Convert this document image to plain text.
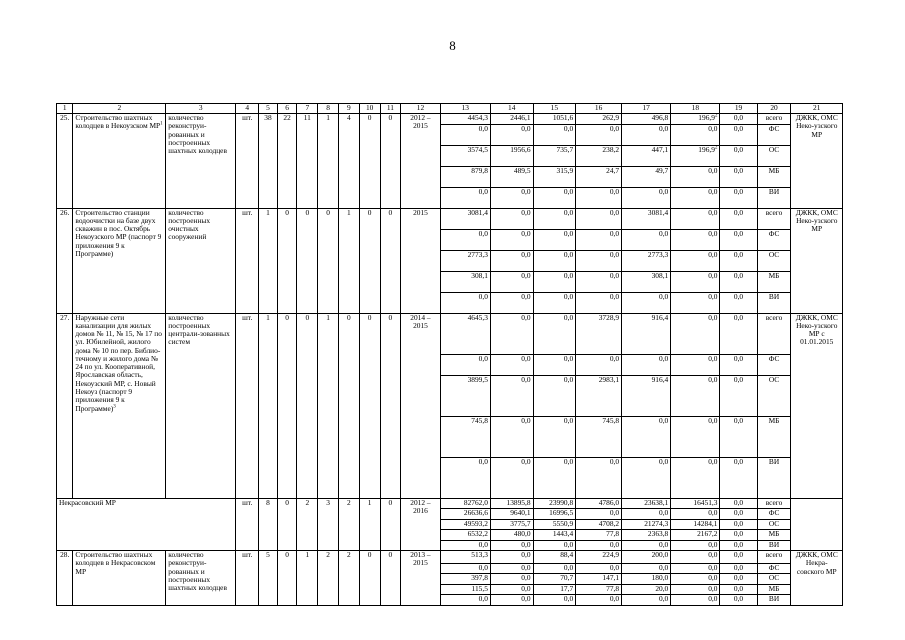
8
1	2	3	4	5	6	7	8	9	10	11	12	13	14	15	16	17	18	19	20	21
25.	Строительство шахтных колодцев в Некоузском $МР^1$	количество реконструи-рованных и построенных шахтных колодцев	шт.	38	22	11	1	4	0	0	2012 – 2015	4454,3	2446,1	1051,6	262,9	496,8	196,9$^2$	0,0	всего	ДЖКК, ОМС Неко-узского МР
												0,0	0,0	0,0	0,0	0,0	0,0	0,0	ФС	
												3574,5	1956,6	735,7	238,2	447,1	196,9$^2$	0,0	ОС	
												879,8	489,5	315,9	24,7	49,7	0,0	0,0	МБ	
												0,0	0,0	0,0	0,0	0,0	0,0	0,0	ВИ	
26.	Строительство станции водоочистки на базе двух скважин в пос. Октябрь Некоузского МР (паспорт 9 приложения 9 к Программе)	количество построенных очистных сооружений	шт.	1	0	0	0	1	0	0	2015	3081,4	0,0	0,0	0,0	3081,4	0,0	0,0	всего	ДЖКК, ОМС Неко-узского МР
												0,0	0,0	0,0	0,0	0,0	0,0	0,0	ФС	
												2773,3	0,0	0,0	0,0	2773,3	0,0	0,0	ОС	
												308,1	0,0	0,0	0,0	308,1	0,0	0,0	МБ	
												0,0	0,0	0,0	0,0	0,0	0,0	0,0	ВИ	
27.	Наружные сети канализации для жилых домов № 11, № 15, № 17 по ул. Юбилейной, жилого дома № 10 по пер. Библио-течному и жилого дома № 24 по ул. Кооперативной, Ярославская область, Некоузский МР, с. Новый Некоуз (паспорт 9 приложения 9 к Программе)$^3$	количество построенных централи-зованных систем	шт.	1	0	0	1	0	0	0	2014 – 2015	4645,3	0,0	0,0	3728,9	916,4	0,0	0,0	всего	ДЖКК, ОМС Неко-узского МР с 01.01.2015
												0,0	0,0	0,0	0,0	0,0	0,0	0,0	ФС	
												3899,5	0,0	0,0	2983,1	916,4	0,0	0,0	ОС	
												745,8	0,0	0,0	745,8	0,0	0,0	0,0	МБ	
												0,0	0,0	0,0	0,0	0,0	0,0	0,0	ВИ	
Некрасовский МР			шт.	8	0	2	3	2	1	0	2012 – 2016	82762,0	13895,8	23990,8	4786,0	23638,1	16451,3	0,0	всего	
												26636,6	9640,1	16996,5	0,0	0,0	0,0	0,0	ФС	
												49593,2	3775,7	5550,9	4708,2	21274,3	14284,1	0,0	ОС	
												6532,2	480,0	1443,4	77,8	2363,8	2167,2	0,0	МБ	
												0,0	0,0	0,0	0,0	0,0	0,0	0,0	ВИ	
28.	Строительство шахтных колодцев в Некрасовском МР	количество реконструи-рованных и построенных шахтных колодцев	шт.	5	0	1	2	2	0	0	2013 – 2015	513,3	0,0	88,4	224,9	200,0	0,0	0,0	всего	ДЖКК, ОМС Некра-совского МР
												0,0	0,0	0,0	0,0	0,0	0,0	0,0	ФС	
												397,8	0,0	70,7	147,1	180,0	0,0	0,0	ОС	
												115,5	0,0	17,7	77,8	20,0	0,0	0,0	МБ	
												0,0	0,0	0,0	0,0	0,0	0,0	0,0	ВИ	
